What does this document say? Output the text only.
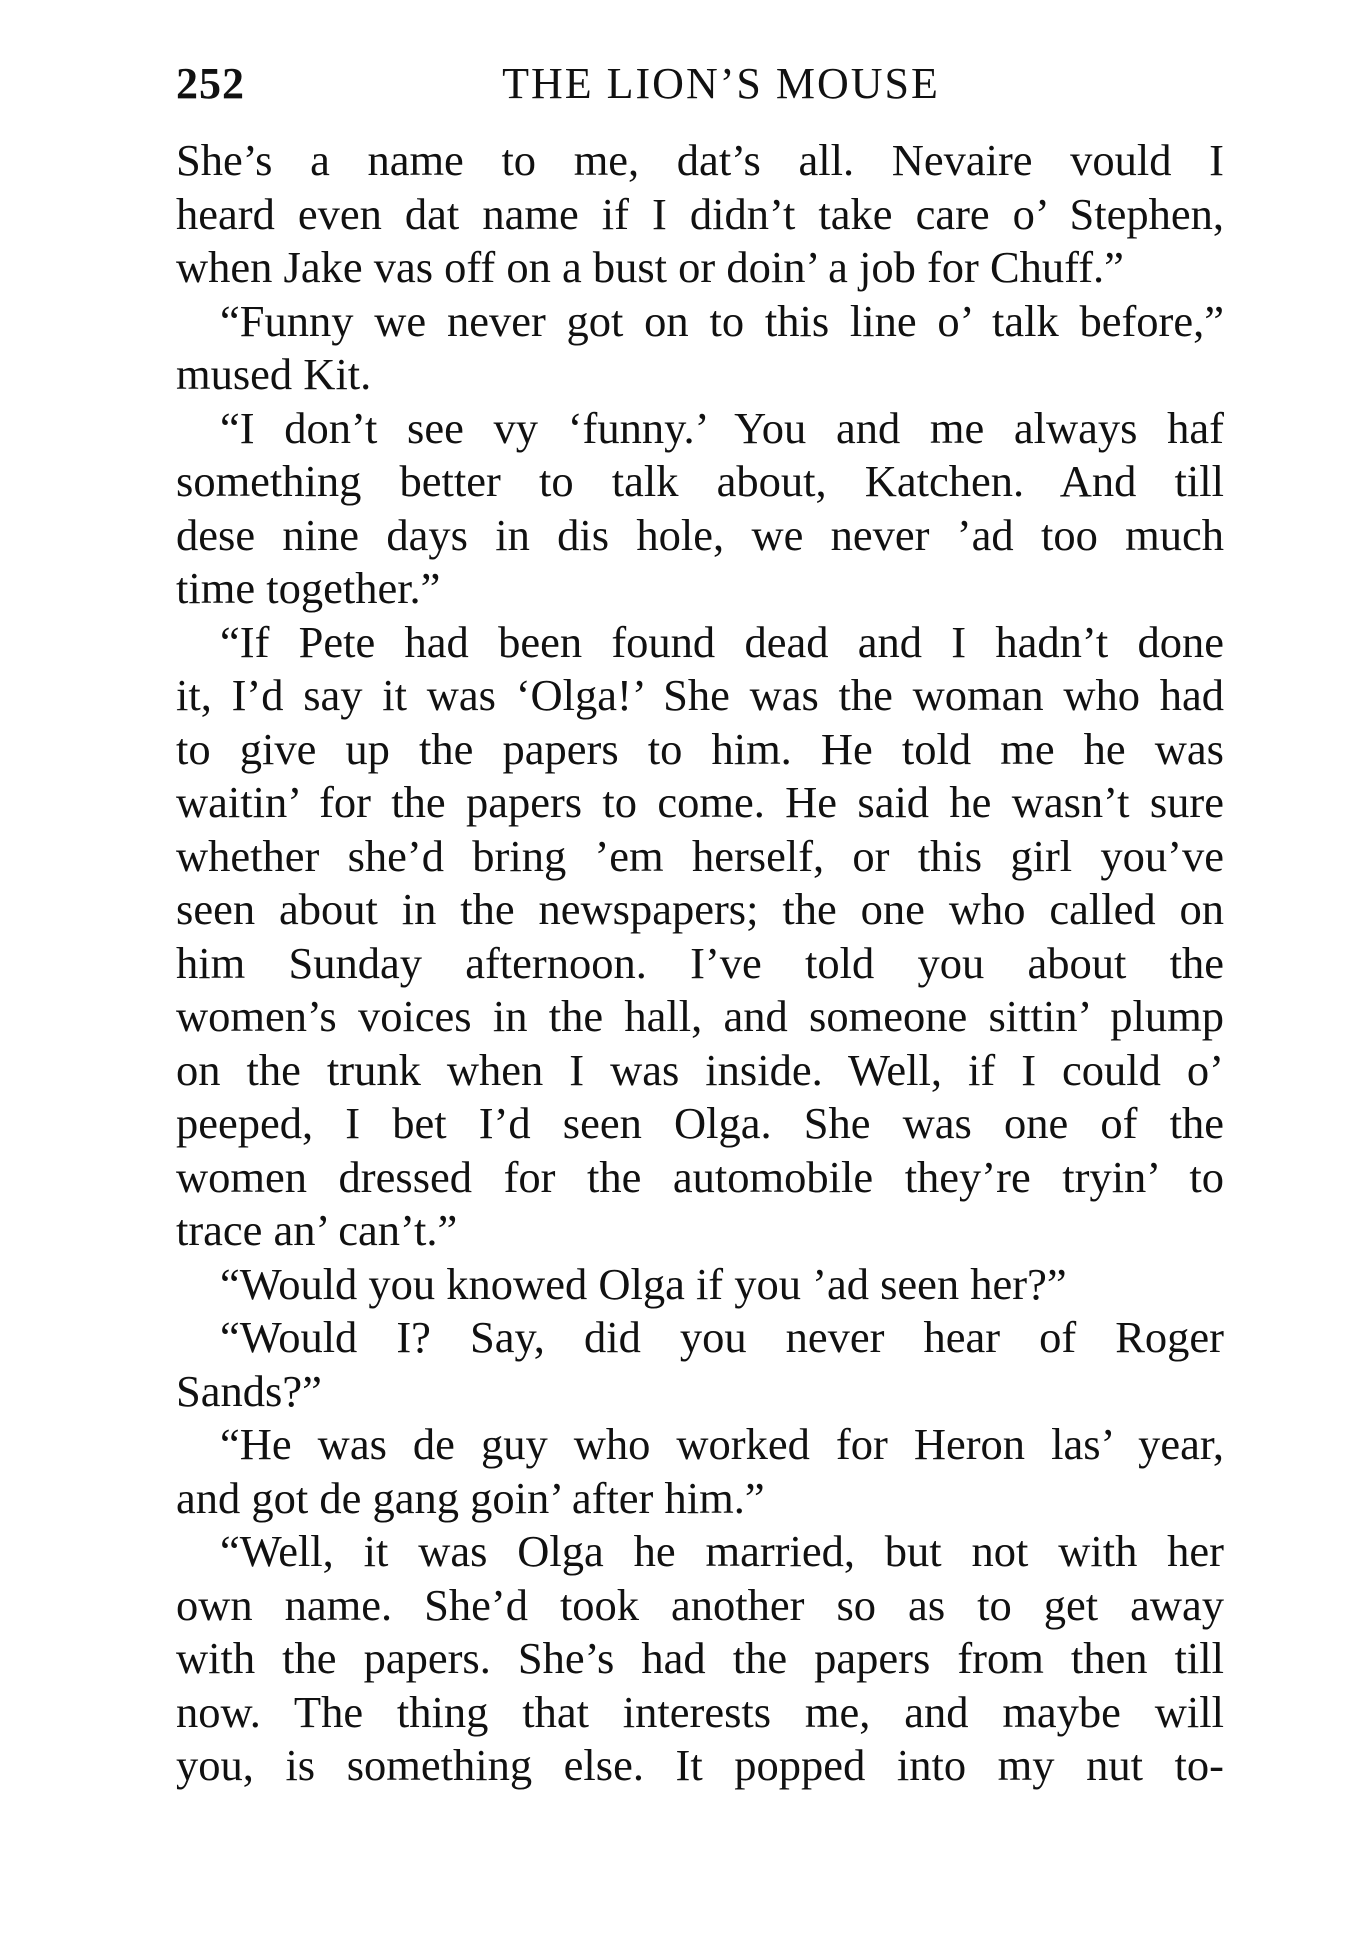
252	THE LION’S MOUSE
She’s a name to me, dat’s all. Nevaire vould I
heard even dat name if I didn’t take care o’ Stephen,
when Jake vas off on a bust or doin’ a job for Chuff.”
“Funny we never got on to this line o’ talk before,”
mused Kit.
“I don’t see vy ‘funny.’ You and me always haf
something better to talk about, Katchen. And till
dese nine days in dis hole, we never ’ad too much
time together.”
“If Pete had been found dead and I hadn’t done
it, I’d say it was ‘Olga!’ She was the woman who had
to give up the papers to him. He told me he was
waitin’ for the papers to come. He said he wasn’t sure
whether she’d bring ’em herself, or this girl you’ve
seen about in the newspapers; the one who called on
him Sunday afternoon. I’ve told you about the
women’s voices in the hall, and someone sittin’ plump
on the trunk when I was inside. Well, if I could o’
peeped, I bet I’d seen Olga. She was one of the
women dressed for the automobile they’re tryin’ to
trace an’ can’t.”
“Would you knowed Olga if you ’ad seen her?”
“Would I? Say, did you never hear of Roger
Sands?”
“He was de guy who worked for Heron las’ year,
and got de gang goin’ after him.”
“Well, it was Olga he married, but not with her
own name. She’d took another so as to get away
with the papers. She’s had the papers from then till
now. The thing that interests me, and maybe will
you, is something else. It popped into my nut to-
